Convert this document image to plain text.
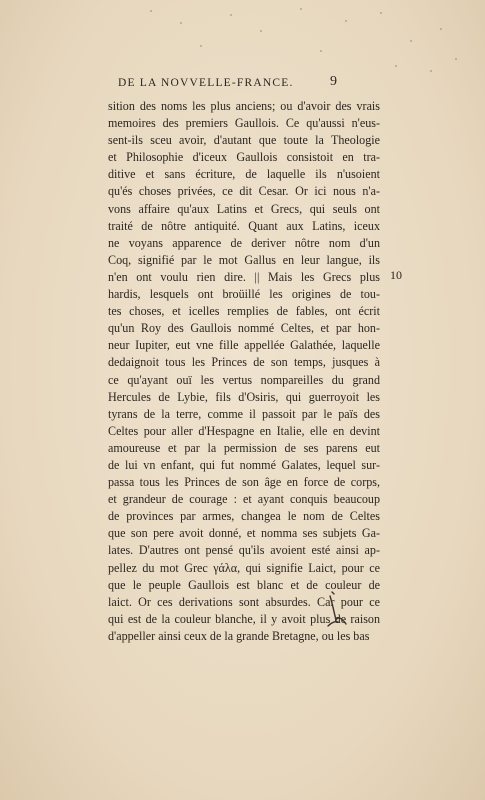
DE LA NOVVELLE-FRANCE.	9
sition des noms les plus anciens; ou d'avoir des vrais
memoires des premiers Gaullois. Ce qu'aussi n'eus-
sent-ils sceu avoir, d'autant que toute la Theologie
et Philosophie d'iceux Gaullois consistoit en tra-
ditive et sans écriture, de laquelle ils n'usoient
qu'és choses privées, ce dit Cesar. Or ici nous n'a-
vons affaire qu'aux Latins et Grecs, qui seuls ont
traité de nôtre antiquité. Quant aux Latins, iceux
ne voyans apparence de deriver nôtre nom d'un
Coq, signifié par le mot Gallus en leur langue, ils
n'en ont voulu rien dire. || Mais les Grecs plus
hardis, lesquels ont broüillé les origines de tou-
tes choses, et icelles remplies de fables, ont écrit
qu'un Roy des Gaullois nommé Celtes, et par hon-
neur Iupiter, eut vne fille appellée Galathée, laquelle
dedaignoit tous les Princes de son temps, jusques à
ce qu'ayant ouï les vertus nompareilles du grand
Hercules de Lybie, fils d'Osiris, qui guerroyoit les
tyrans de la terre, comme il passoit par le païs des
Celtes pour aller d'Hespagne en Italie, elle en devint
amoureuse et par la permission de ses parens eut
de lui vn enfant, qui fut nommé Galates, lequel sur-
passa tous les Princes de son âge en force de corps,
et grandeur de courage : et ayant conquis beaucoup
de provinces par armes, changea le nom de Celtes
que son pere avoit donné, et nomma ses subjets Ga-
lates. D'autres ont pensé qu'ils avoient esté ainsi ap-
pellez du mot Grec γάλα, qui signifie Laict, pour ce
que le peuple Gaullois est blanc et de couleur de
laict. Or ces derivations sont absurdes. Car pour ce
qui est de la couleur blanche, il y avoit plus de raison
d'appeller ainsi ceux de la grande Bretagne, ou les bas
10
